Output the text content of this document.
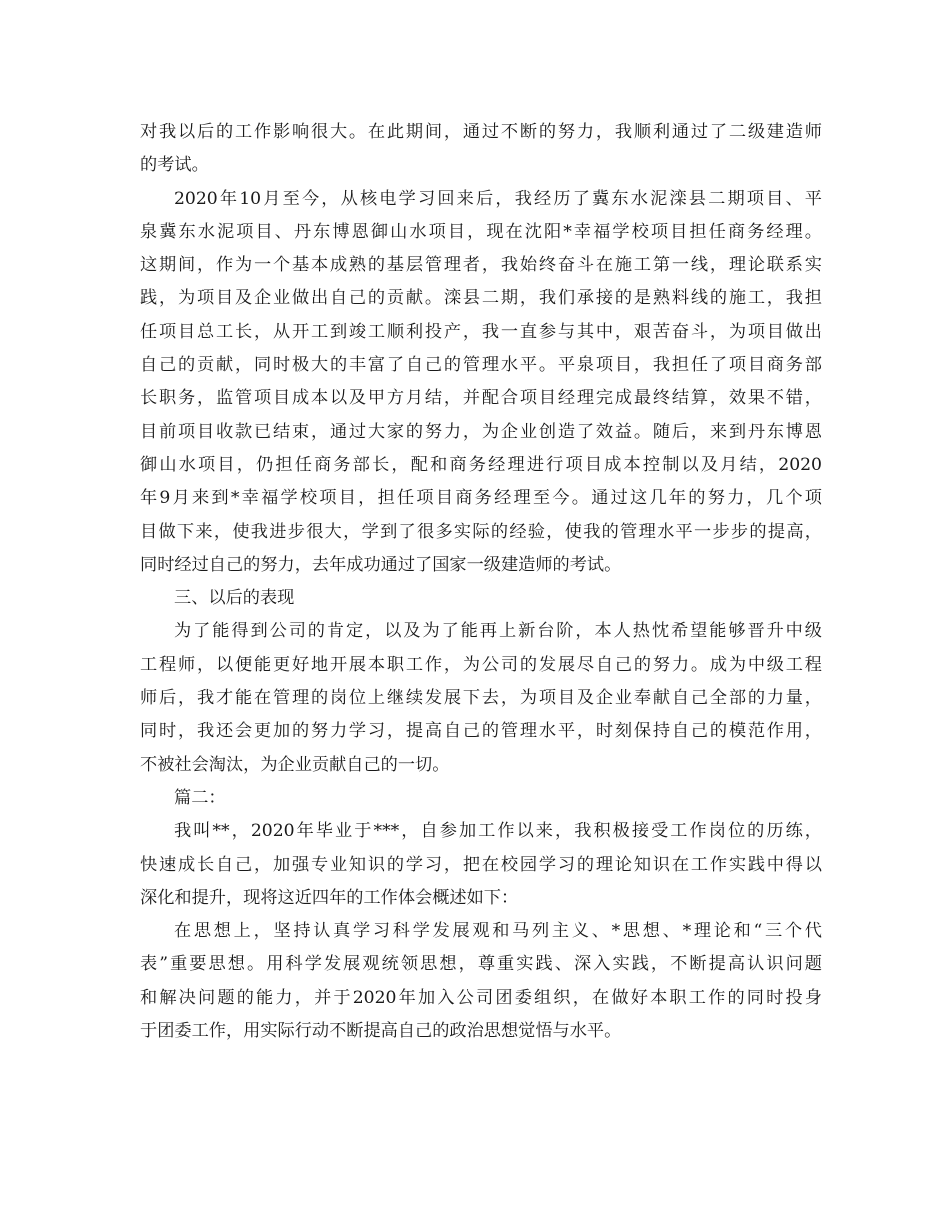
对我以后的工作影响很大。在此期间，通过不断的努力，我顺利通过了二级建造师
的考试。
2020年10月至今，从核电学习回来后，我经历了冀东水泥滦县二期项目、平
泉冀东水泥项目、丹东博恩御山水项目，现在沈阳*幸福学校项目担任商务经理。
这期间，作为一个基本成熟的基层管理者，我始终奋斗在施工第一线，理论联系实
践，为项目及企业做出自己的贡献。滦县二期，我们承接的是熟料线的施工，我担
任项目总工长，从开工到竣工顺利投产，我一直参与其中，艰苦奋斗，为项目做出
自己的贡献，同时极大的丰富了自己的管理水平。平泉项目，我担任了项目商务部
长职务，监管项目成本以及甲方月结，并配合项目经理完成最终结算，效果不错，
目前项目收款已结束，通过大家的努力，为企业创造了效益。随后，来到丹东博恩
御山水项目，仍担任商务部长，配和商务经理进行项目成本控制以及月结，2020
年9月来到*幸福学校项目，担任项目商务经理至今。通过这几年的努力，几个项
目做下来，使我进步很大，学到了很多实际的经验，使我的管理水平一步步的提高，
同时经过自己的努力，去年成功通过了国家一级建造师的考试。
三、以后的表现
为了能得到公司的肯定，以及为了能再上新台阶，本人热忱希望能够晋升中级
工程师，以便能更好地开展本职工作，为公司的发展尽自己的努力。成为中级工程
师后，我才能在管理的岗位上继续发展下去，为项目及企业奉献自己全部的力量，
同时，我还会更加的努力学习，提高自己的管理水平，时刻保持自己的模范作用，
不被社会淘汰，为企业贡献自己的一切。
篇二：
我叫**，2020年毕业于***，自参加工作以来，我积极接受工作岗位的历练，
快速成长自己，加强专业知识的学习，把在校园学习的理论知识在工作实践中得以
深化和提升，现将这近四年的工作体会概述如下：
在思想上，坚持认真学习科学发展观和马列主义、*思想、*理论和“三个代
表”重要思想。用科学发展观统领思想，尊重实践、深入实践，不断提高认识问题
和解决问题的能力，并于2020年加入公司团委组织，在做好本职工作的同时投身
于团委工作，用实际行动不断提高自己的政治思想觉悟与水平。
